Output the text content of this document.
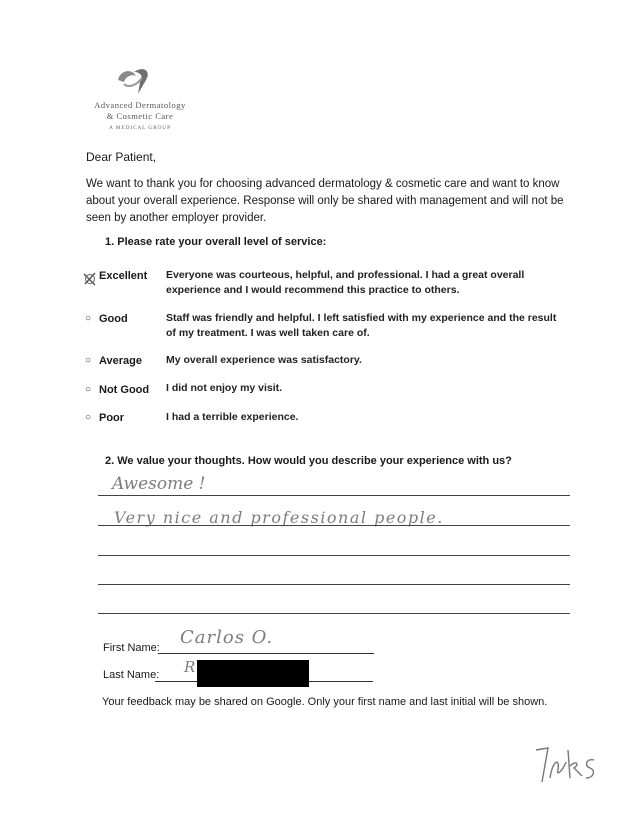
Advanced Dermatology
& Cosmetic Care
A MEDICAL GROUP
Dear Patient,
We want to thank you for choosing advanced dermatology & cosmetic care and want to know about your overall experience. Response will only be shared with management and will not be seen by another employer provider.
1. Please rate your overall level of service:
Excellent Everyone was courteous, helpful, and professional. I had a great overall experience and I would recommend this practice to others.
○ Good	Staff was friendly and helpful. I left satisfied with my experience and the result of my treatment. I was well taken care of.
○ Average My overall experience was satisfactory.
○ Not Good I did not enjoy my visit.
○ Poor	I had a terrible experience.
2. We value your thoughts. How would you describe your experience with us?
Awesome !
Very nice and professional people.
First Name: Carlos O.
Last Name: R
Your feedback may be shared on Google. Only your first name and last initial will be shown.
